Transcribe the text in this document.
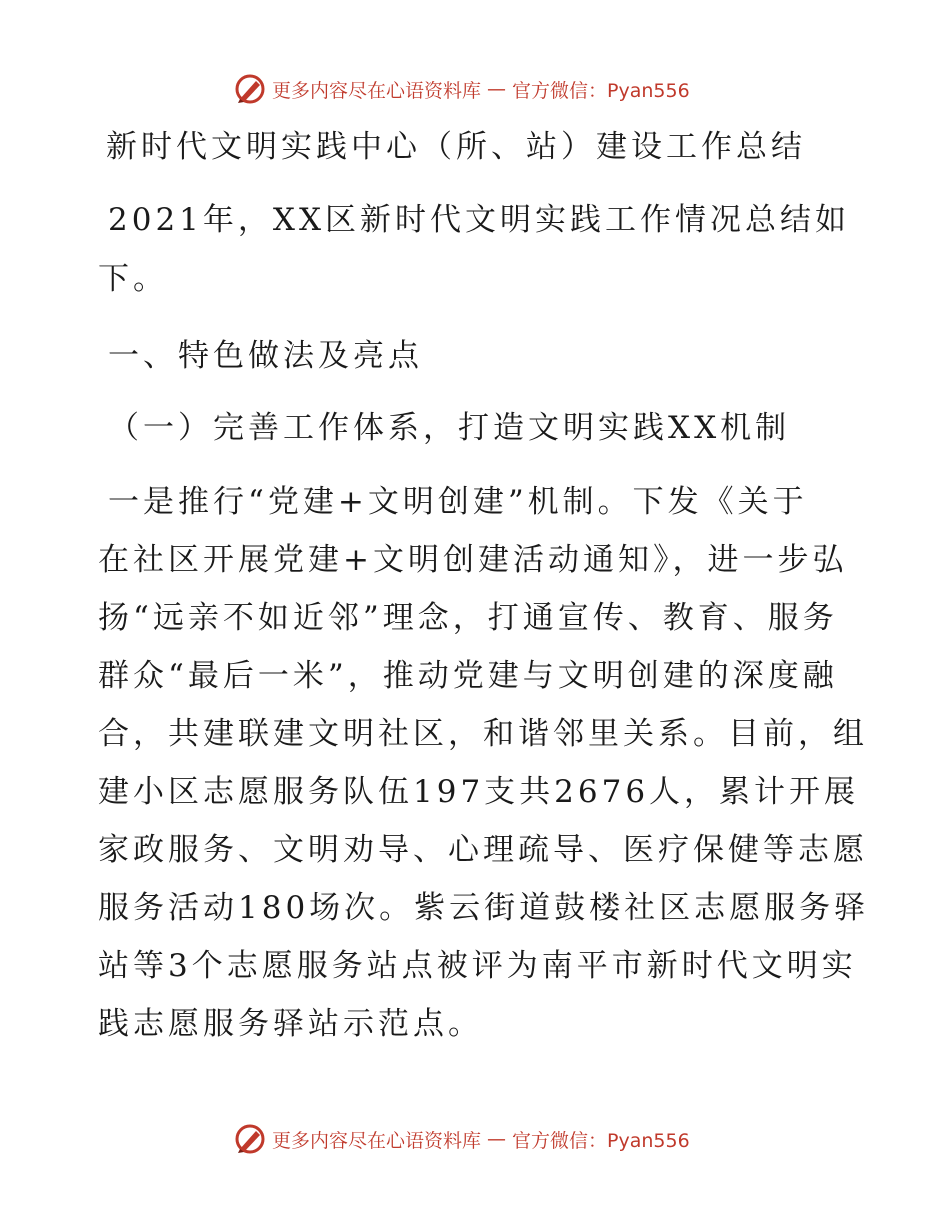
更多内容尽在心语资料库 — 官方微信：Pyan556
新时代文明实践中心（所、站）建设工作总结
2021年，XX区新时代文明实践工作情况总结如
下。
一、特色做法及亮点
（一）完善工作体系，打造文明实践XX机制
一是推行“党建+文明创建”机制。下发《关于
在社区开展党建+文明创建活动通知》，进一步弘
扬“远亲不如近邻”理念，打通宣传、教育、服务
群众“最后一米”，推动党建与文明创建的深度融
合，共建联建文明社区，和谐邻里关系。目前，组
建小区志愿服务队伍197支共2676人，累计开展
家政服务、文明劝导、心理疏导、医疗保健等志愿
服务活动180场次。紫云街道鼓楼社区志愿服务驿
站等3个志愿服务站点被评为南平市新时代文明实
践志愿服务驿站示范点。
更多内容尽在心语资料库 — 官方微信：Pyan556
